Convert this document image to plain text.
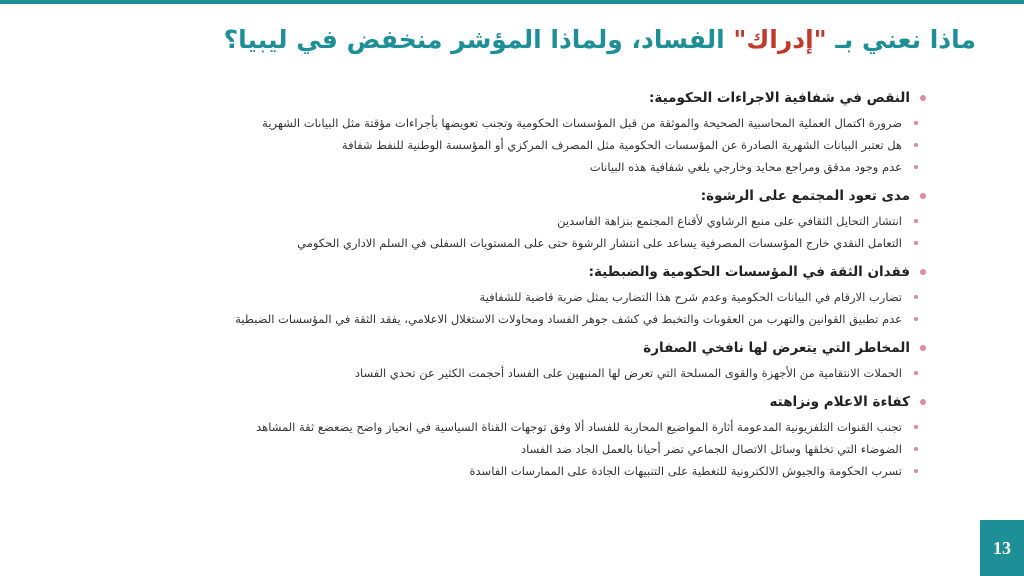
ماذا نعني بـ "إدراك" الفساد، ولماذا المؤشر منخفض في ليبيا؟
النقص في شفافية الاجراءات الحكومية:
ضرورة اكتمال العملية المحاسبية الصحيحة والموثقة من قبل المؤسسات الحكومية وتجنب تعويضها بأجراءات مؤقتة مثل البيانات الشهرية
هل تعتبر البيانات الشهرية الصادرة عن المؤسسات الحكومية مثل المصرف المركزي أو المؤسسة الوطنية للنفط شفافة
عدم وجود مدقق ومراجع محايد وخارجي يلغي شفافية هذه البيانات
مدى تعود المجتمع على الرشوة:
انتشار التحايل الثقافي على منبع الرشاوي لأقناع المجتمع بنزاهة الفاسدين
التعامل النقدي خارج المؤسسات المصرفية يساعد على انتشار الرشوة حتى على المستويات السفلى في السلم الاداري الحكومي
فقدان الثقة في المؤسسات الحكومية والضبطية:
تضارب الارقام في البيانات الحكومية وعدم شرح هذا التضارب يمثل ضربة قاضية للشفافية
عدم تطبيق القوانين والتهرب من العقوبات والتخبط في كشف جوهر الفساد ومحاولات الاستغلال الاعلامي، يفقد الثقة في المؤسسات الضبطية
المخاطر التي يتعرض لها نافخي الصفارة
الحملات الانتقامية من الأجهزة والقوى المسلحة التي تعرض لها المنبهين على الفساد أحجمت الكثير عن تحدي الفساد
كفاءة الاعلام ونزاهته
تجنب القنوات التلفزيونية المدعومة أثارة المواضيع المحاربة للفساد ألا وفق توجهات القناة السياسية في انحياز واضح يضعضع ثقة المشاهد
الضوضاء التي تخلقها وسائل الاتصال الجماعي تضر أحيانا بالعمل الجاد ضد الفساد
تسرب الحكومة والجيوش الالكترونية للتغطية على التنبيهات الجادة على الممارسات الفاسدة
13
